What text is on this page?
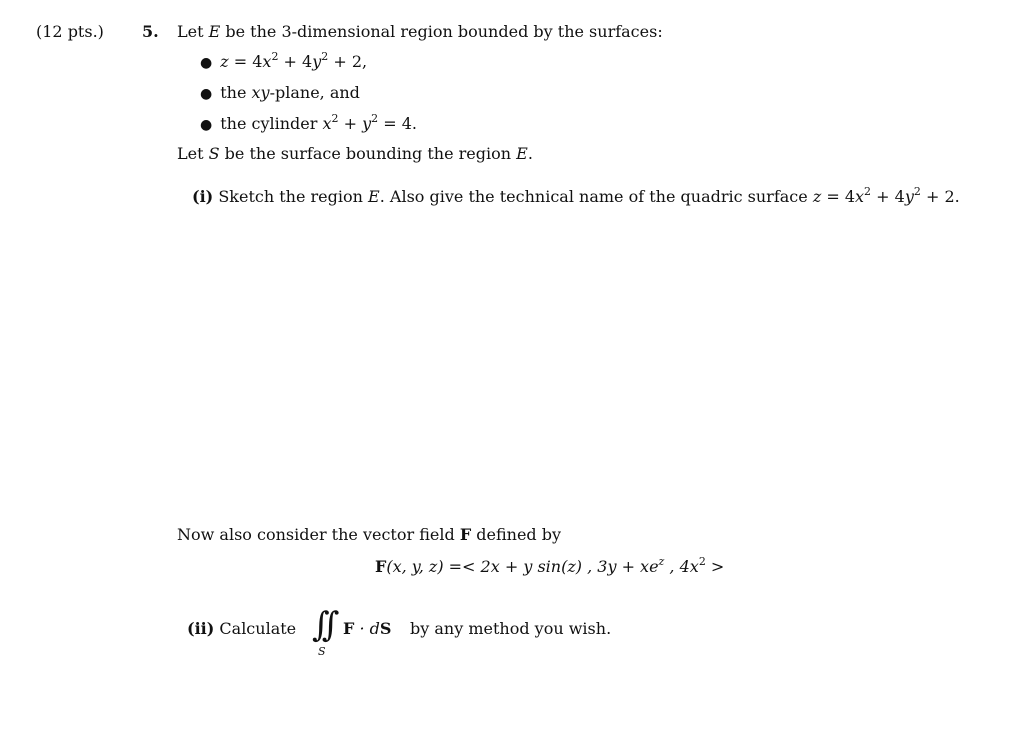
(12 pts.) 5. Let E be the 3-dimensional region bounded by the surfaces:
● $z = 4x^2 + 4y^2 + 2$,
● the xy-plane, and
● the cylinder $x^2 + y^2 = 4$.
Let S be the surface bounding the region E.
(i) Sketch the region E. Also give the technical name of the quadric surface $z = 4x^2 + 4y^2 + 2$.
Now also consider the vector field F defined by
F(x, y, z) =< 2x + y sin(z) , $3y + xe^z$ , $4x^2$ >
(ii) Calculate ∫∫
S
F · dS by any method you wish.
